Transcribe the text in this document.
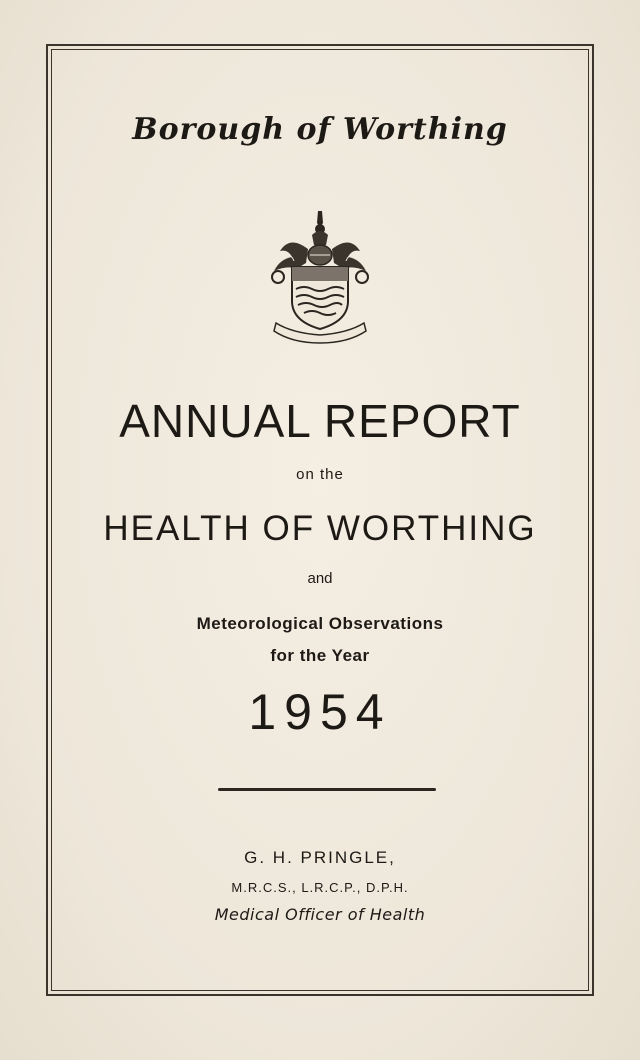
Borough of Worthing
ANNUAL REPORT
on the
HEALTH OF WORTHING
and
Meteorological Observations
for the Year
1954
G. H. PRINGLE,
M.R.C.S., L.R.C.P., D.P.H.
Medical Officer of Health
